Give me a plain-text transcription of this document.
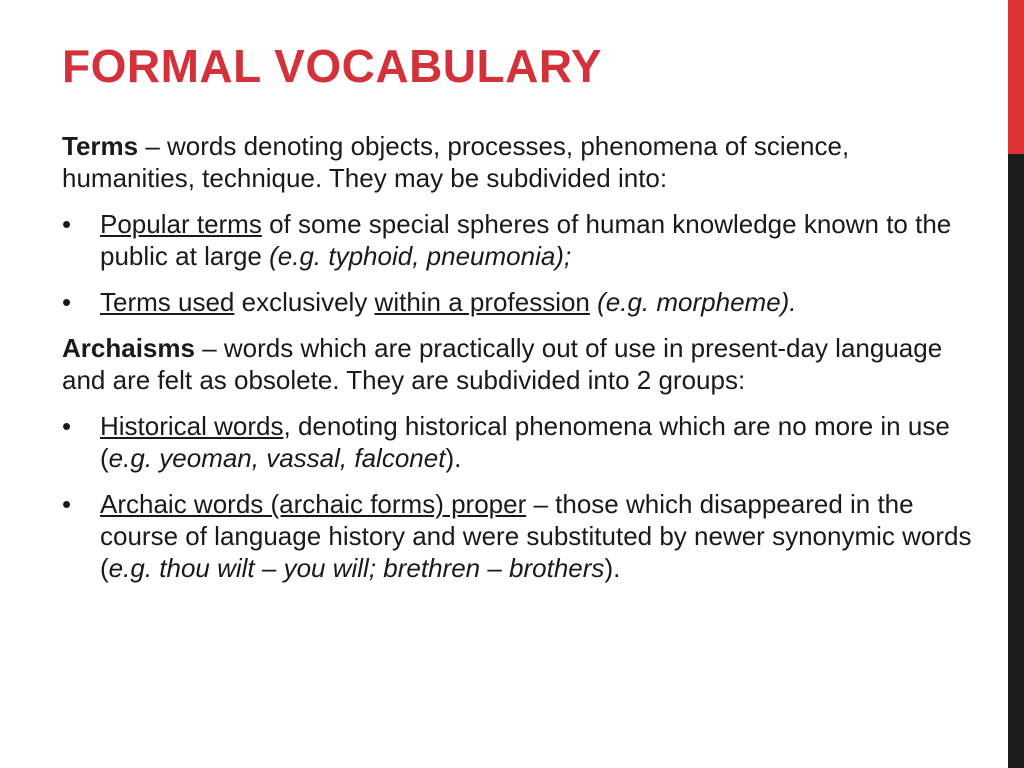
FORMAL VOCABULARY

Terms – words denoting objects, processes, phenomena of science, humanities, technique. They may be subdivided into:

• Popular terms of some special spheres of human knowledge known to the public at large (e.g. typhoid, pneumonia);
• Terms used exclusively within a profession (e.g. morpheme).

Archaisms – words which are practically out of use in present-day language and are felt as obsolete. They are subdivided into 2 groups:

• Historical words, denoting historical phenomena which are no more in use (e.g. yeoman, vassal, falconet).
• Archaic words (archaic forms) proper – those which disappeared in the course of language history and were substituted by newer synonymic words (e.g. thou wilt – you will; brethren – brothers).
